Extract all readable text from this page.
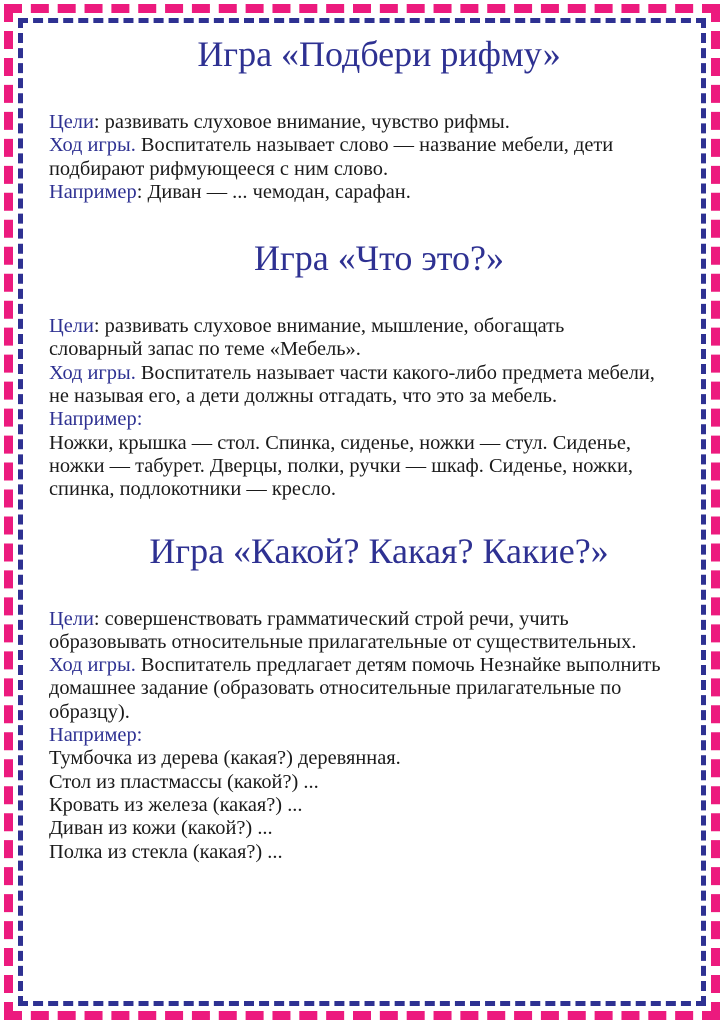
Игра «Подбери рифму»

Цели: развивать слуховое внимание, чувство рифмы.

Ход игры. Воспитатель называет слово — название мебели, дети подбирают рифмующееся с ним слово.

Например: Диван — ... чемодан, сарафан.

Игра «Что это?»

Цели: развивать слуховое внимание, мышление, обогащать словарный запас по теме «Мебель».

Ход игры. Воспитатель называет части какого-либо предмета мебели, не называя его, а дети должны отгадать, что это за мебель.

Например:

Ножки, крышка — стол. Спинка, сиденье, ножки — стул. Сиденье, ножки — табурет. Дверцы, полки, ручки — шкаф. Сиденье, ножки, спинка, подлокотники — кресло.

Игра «Какой? Какая? Какие?»

Цели: совершенствовать грамматический строй речи, учить образовывать относительные прилагательные от существительных.

Ход игры. Воспитатель предлагает детям помочь Незнайке выполнить домашнее задание (образовать относительные прилагательные по образцу).

Например:

Тумбочка из дерева (какая?) деревянная.

Стол из пластмассы (какой?) ...

Кровать из железа (какая?) ...

Диван из кожи (какой?) ...

Полка из стекла (какая?) ...
